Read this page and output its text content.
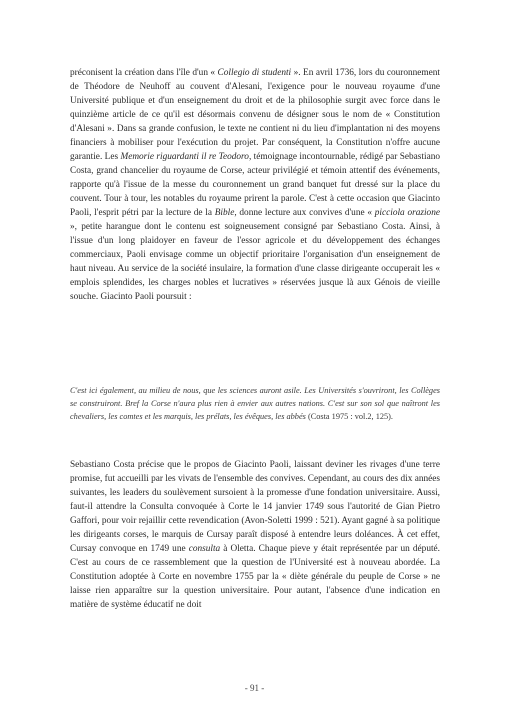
préconisent la création dans l'île d'un « Collegio di studenti ». En avril 1736, lors du couronnement de Théodore de Neuhoff au couvent d'Alesani, l'exigence pour le nouveau royaume d'une Université publique et d'un enseignement du droit et de la philosophie surgit avec force dans le quinzième article de ce qu'il est désormais convenu de désigner sous le nom de « Constitution d'Alesani ». Dans sa grande confusion, le texte ne contient ni du lieu d'implantation ni des moyens financiers à mobiliser pour l'exécution du projet. Par conséquent, la Constitution n'offre aucune garantie. Les Memorie riguardanti il re Teodoro, témoignage incontournable, rédigé par Sebastiano Costa, grand chancelier du royaume de Corse, acteur privilégié et témoin attentif des événements, rapporte qu'à l'issue de la messe du couronnement un grand banquet fut dressé sur la place du couvent. Tour à tour, les notables du royaume prirent la parole. C'est à cette occasion que Giacinto Paoli, l'esprit pétri par la lecture de la Bible, donne lecture aux convives d'une « picciola orazione », petite harangue dont le contenu est soigneusement consigné par Sebastiano Costa. Ainsi, à l'issue d'un long plaidoyer en faveur de l'essor agricole et du développement des échanges commerciaux, Paoli envisage comme un objectif prioritaire l'organisation d'un enseignement de haut niveau. Au service de la société insulaire, la formation d'une classe dirigeante occuperait les « emplois splendides, les charges nobles et lucratives » réservées jusque là aux Génois de vieille souche. Giacinto Paoli poursuit :

C'est ici également, au milieu de nous, que les sciences auront asile. Les Universités s'ouvriront, les Collèges se construiront. Bref la Corse n'aura plus rien à envier aux autres nations. C'est sur son sol que naîtront les chevaliers, les comtes et les marquis, les prélats, les évêques, les abbés (Costa 1975 : vol.2, 125).

Sebastiano Costa précise que le propos de Giacinto Paoli, laissant deviner les rivages d'une terre promise, fut accueilli par les vivats de l'ensemble des convives. Cependant, au cours des dix années suivantes, les leaders du soulèvement sursoient à la promesse d'une fondation universitaire. Aussi, faut-il attendre la Consulta convoquée à Corte le 14 janvier 1749 sous l'autorité de Gian Pietro Gaffori, pour voir rejaillir cette revendication (Avon-Soletti 1999 : 521). Ayant gagné à sa politique les dirigeants corses, le marquis de Cursay paraît disposé à entendre leurs doléances. À cet effet, Cursay convoque en 1749 une consulta à Oletta. Chaque pieve y était représentée par un député. C'est au cours de ce rassemblement que la question de l'Université est à nouveau abordée. La Constitution adoptée à Corte en novembre 1755 par la « diète générale du peuple de Corse » ne laisse rien apparaître sur la question universitaire. Pour autant, l'absence d'une indication en matière de système éducatif ne doit

- 91 -
